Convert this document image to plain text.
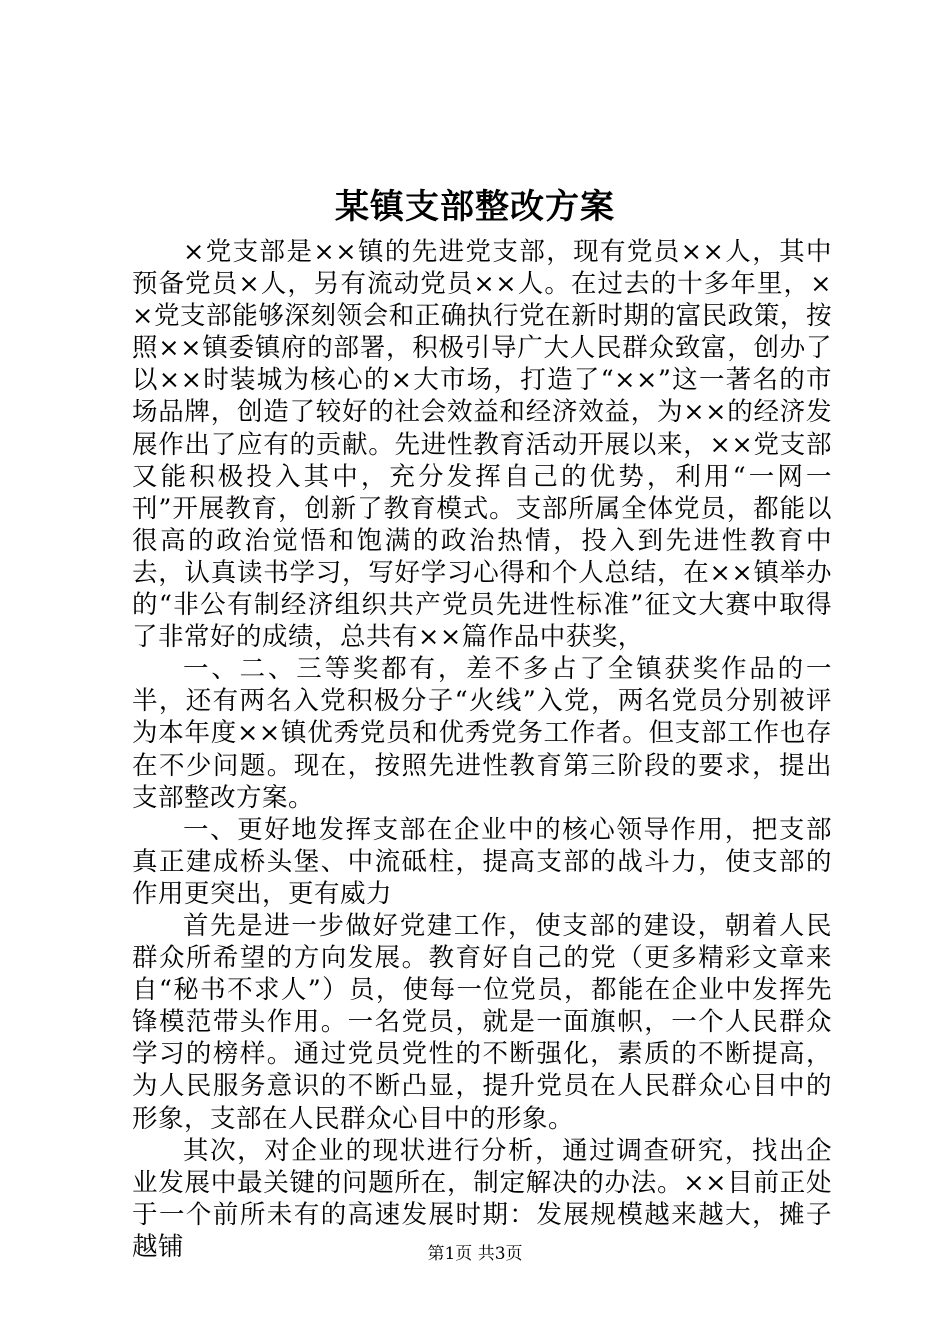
某镇支部整改方案

×党支部是××镇的先进党支部，现有党员××人，其中预备党员×人，另有流动党员××人。在过去的十多年里，××党支部能够深刻领会和正确执行党在新时期的富民政策，按照××镇委镇府的部署，积极引导广大人民群众致富，创办了以××时装城为核心的×大市场，打造了“××”这一著名的市场品牌，创造了较好的社会效益和经济效益，为××的经济发展作出了应有的贡献。先进性教育活动开展以来，××党支部又能积极投入其中，充分发挥自己的优势，利用“一网一刊”开展教育，创新了教育模式。支部所属全体党员，都能以很高的政治觉悟和饱满的政治热情，投入到先进性教育中去，认真读书学习，写好学习心得和个人总结，在××镇举办的“非公有制经济组织共产党员先进性标准”征文大赛中取得了非常好的成绩，总共有××篇作品中获奖，

一、二、三等奖都有，差不多占了全镇获奖作品的一半，还有两名入党积极分子“火线”入党，两名党员分别被评为本年度××镇优秀党员和优秀党务工作者。但支部工作也存在不少问题。现在，按照先进性教育第三阶段的要求，提出支部整改方案。

一、更好地发挥支部在企业中的核心领导作用，把支部真正建成桥头堡、中流砥柱，提高支部的战斗力，使支部的作用更突出，更有威力

首先是进一步做好党建工作，使支部的建设，朝着人民群众所希望的方向发展。教育好自己的党（更多精彩文章来自“秘书不求人”）员，使每一位党员，都能在企业中发挥先锋模范带头作用。一名党员，就是一面旗帜，一个人民群众学习的榜样。通过党员党性的不断强化，素质的不断提高，为人民服务意识的不断凸显，提升党员在人民群众心目中的形象，支部在人民群众心目中的形象。

其次，对企业的现状进行分析，通过调查研究，找出企业发展中最关键的问题所在，制定解决的办法。××目前正处于一个前所未有的高速发展时期：发展规模越来越大，摊子越铺	第1页 共3页
